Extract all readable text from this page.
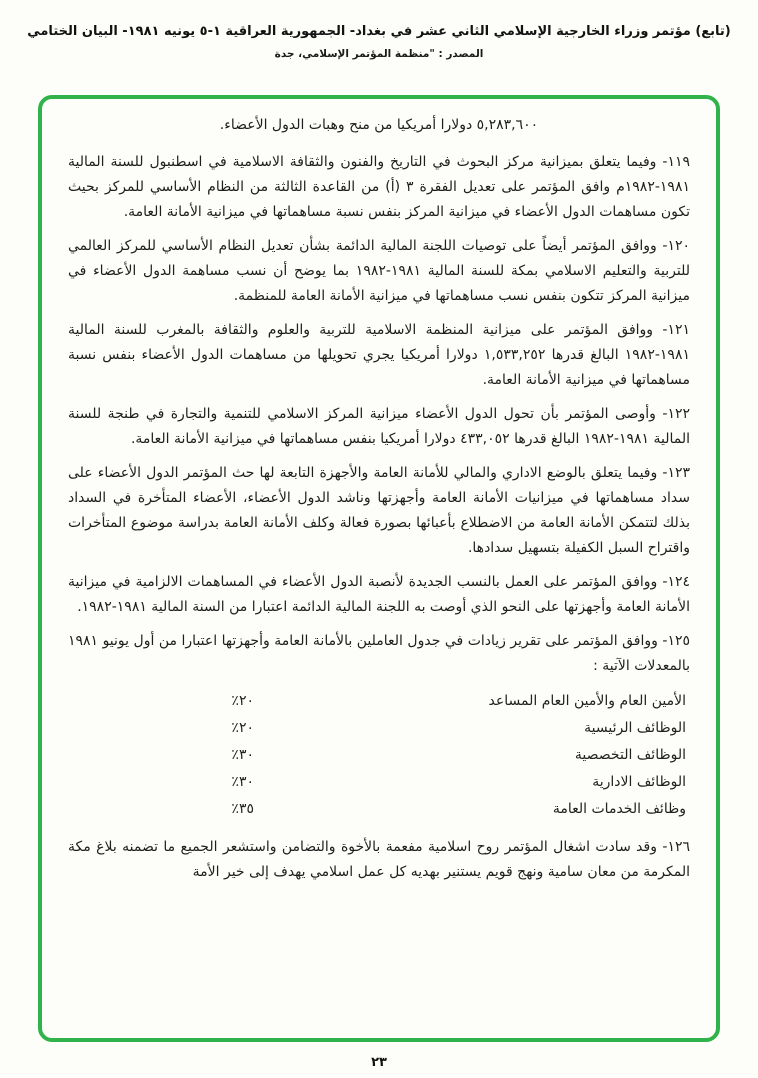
(تابع) مؤتمر وزراء الخارجية الإسلامي الثاني عشر في بغداد- الجمهورية العراقية ١-٥ يونيه ١٩٨١- البيان الختامي
المصدر : "منظمة المؤتمر الإسلامي، جدة

٥,٢٨٣,٦٠٠ دولارا أمريكيا من منح وهبات الدول الأعضاء.

١١٩- وفيما يتعلق بميزانية مركز البحوث في التاريخ والفنون والثقافة الاسلامية في اسطنبول للسنة المالية ١٩٨١-١٩٨٢م وافق المؤتمر على تعديل الفقرة ٣ (أ) من القاعدة الثالثة من النظام الأساسي للمركز بحيث تكون مساهمات الدول الأعضاء في ميزانية المركز بنفس نسبة مساهماتها في ميزانية الأمانة العامة.

١٢٠- ووافق المؤتمر أيضاً على توصيات اللجنة المالية الدائمة بشأن تعديل النظام الأساسي للمركز العالمي للتربية والتعليم الاسلامي بمكة للسنة المالية ١٩٨١-١٩٨٢ بما يوضح أن نسب مساهمة الدول الأعضاء في ميزانية المركز تتكون بنفس نسب مساهماتها في ميزانية الأمانة العامة للمنظمة.

١٢١- ووافق المؤتمر على ميزانية المنظمة الاسلامية للتربية والعلوم والثقافة بالمغرب للسنة المالية ١٩٨١-١٩٨٢ البالغ قدرها ١,٥٣٣,٢٥٢ دولارا أمريكيا يجري تحويلها من مساهمات الدول الأعضاء بنفس نسبة مساهماتها في ميزانية الأمانة العامة.

١٢٢- وأوصى المؤتمر بأن تحول الدول الأعضاء ميزانية المركز الاسلامي للتنمية والتجارة في طنجة للسنة المالية ١٩٨١-١٩٨٢ البالغ قدرها ٤٣٣,٠٥٢ دولارا أمريكيا بنفس مساهماتها في ميزانية الأمانة العامة.

١٢٣- وفيما يتعلق بالوضع الاداري والمالي للأمانة العامة والأجهزة التابعة لها حث المؤتمر الدول الأعضاء على سداد مساهماتها في ميزانيات الأمانة العامة وأجهزتها وناشد الدول الأعضاء، الأعضاء المتأخرة في السداد بذلك لتتمكن الأمانة العامة من الاضطلاع بأعبائها بصورة فعالة وكلف الأمانة العامة بدراسة موضوع المتأخرات واقتراح السبل الكفيلة بتسهيل سدادها.

١٢٤- ووافق المؤتمر على العمل بالنسب الجديدة لأنصبة الدول الأعضاء في المساهمات الالزامية في ميزانية الأمانة العامة وأجهزتها على النحو الذي أوصت به اللجنة المالية الدائمة اعتبارا من السنة المالية ١٩٨١-١٩٨٢.

١٢٥- ووافق المؤتمر على تقرير زيادات في جدول العاملين بالأمانة العامة وأجهزتها اعتبارا من أول يونيو ١٩٨١ بالمعدلات الآتية :

الأمين العام والأمين العام المساعد
٢٠٪
الوظائف الرئيسية
٢٠٪
الوظائف التخصصية
٣٠٪
الوظائف الادارية
٣٠٪
وظائف الخدمات العامة
٣٥٪

١٢٦- وقد سادت اشغال المؤتمر روح اسلامية مفعمة بالأخوة والتضامن واستشعر الجميع ما تضمنه بلاغ مكة المكرمة من معان سامية ونهج قويم يستنير بهديه كل عمل اسلامي يهدف إلى خير الأمة

٢٣
